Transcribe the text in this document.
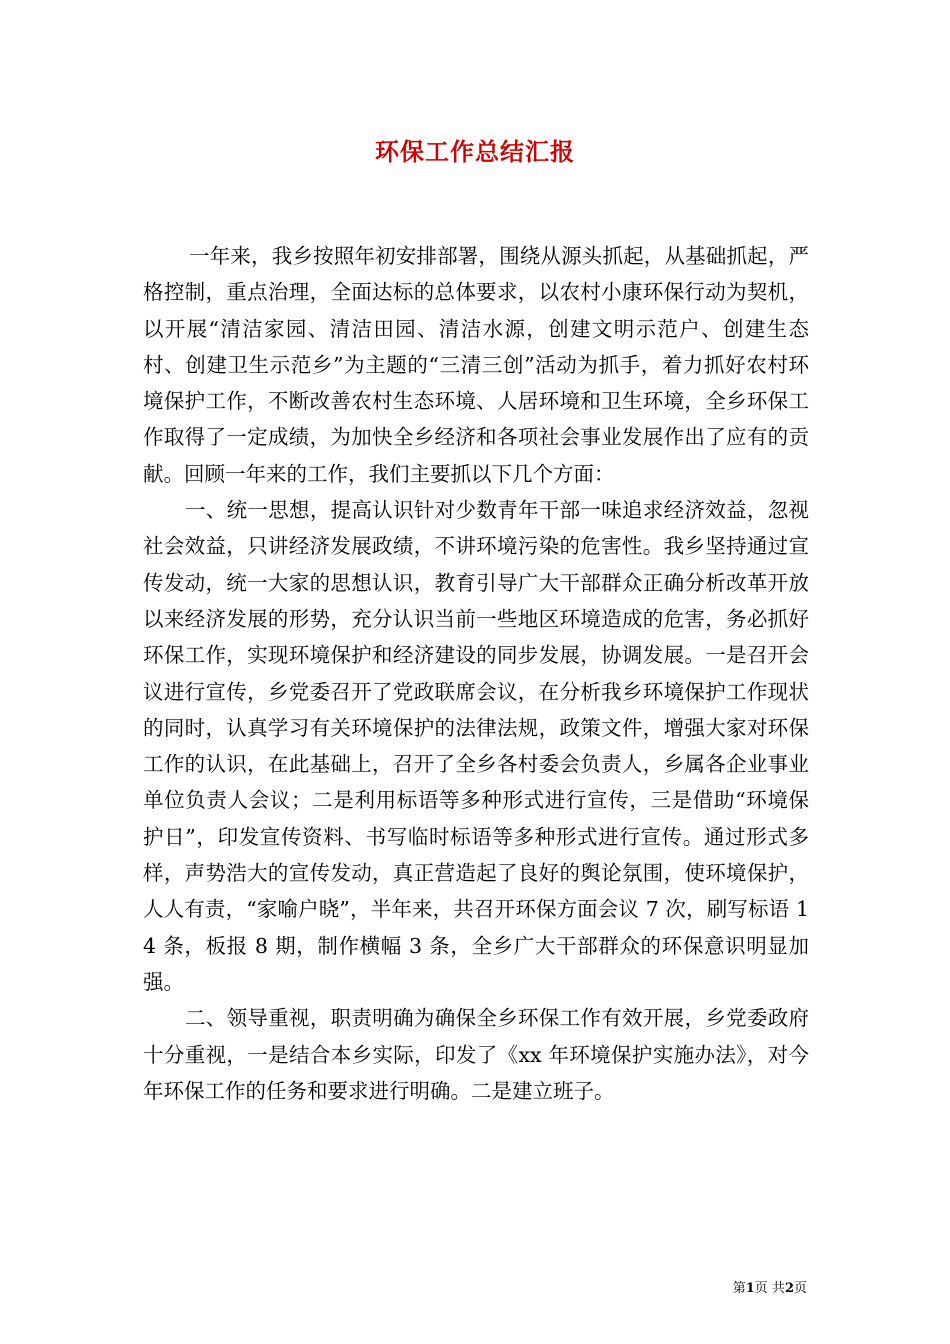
环保工作总结汇报

一年来，我乡按照年初安排部署，围绕从源头抓起，从基础抓起，严格控制，重点治理，全面达标的总体要求，以农村小康环保行动为契机，以开展“清洁家园、清洁田园、清洁水源，创建文明示范户、创建生态村、创建卫生示范乡”为主题的“三清三创”活动为抓手，着力抓好农村环境保护工作，不断改善农村生态环境、人居环境和卫生环境，全乡环保工作取得了一定成绩，为加快全乡经济和各项社会事业发展作出了应有的贡献。回顾一年来的工作，我们主要抓以下几个方面：

一、统一思想，提高认识针对少数青年干部一味追求经济效益，忽视社会效益，只讲经济发展政绩，不讲环境污染的危害性。我乡坚持通过宣传发动，统一大家的思想认识，教育引导广大干部群众正确分析改革开放以来经济发展的形势，充分认识当前一些地区环境造成的危害，务必抓好环保工作，实现环境保护和经济建设的同步发展，协调发展。一是召开会议进行宣传，乡党委召开了党政联席会议，在分析我乡环境保护工作现状的同时，认真学习有关环境保护的法律法规，政策文件，增强大家对环保工作的认识，在此基础上，召开了全乡各村委会负责人，乡属各企业事业单位负责人会议；二是利用标语等多种形式进行宣传，三是借助“环境保护日”，印发宣传资料、书写临时标语等多种形式进行宣传。通过形式多样，声势浩大的宣传发动，真正营造起了良好的舆论氛围，使环境保护，人人有责，“家喻户晓”，半年来，共召开环保方面会议 7 次，刷写标语 14 条，板报 8 期，制作横幅 3 条，全乡广大干部群众的环保意识明显加强。

二、领导重视，职责明确为确保全乡环保工作有效开展，乡党委政府十分重视，一是结合本乡实际，印发了《xx 年环境保护实施办法》，对今年环保工作的任务和要求进行明确。二是建立班子。

第1页 共2页
